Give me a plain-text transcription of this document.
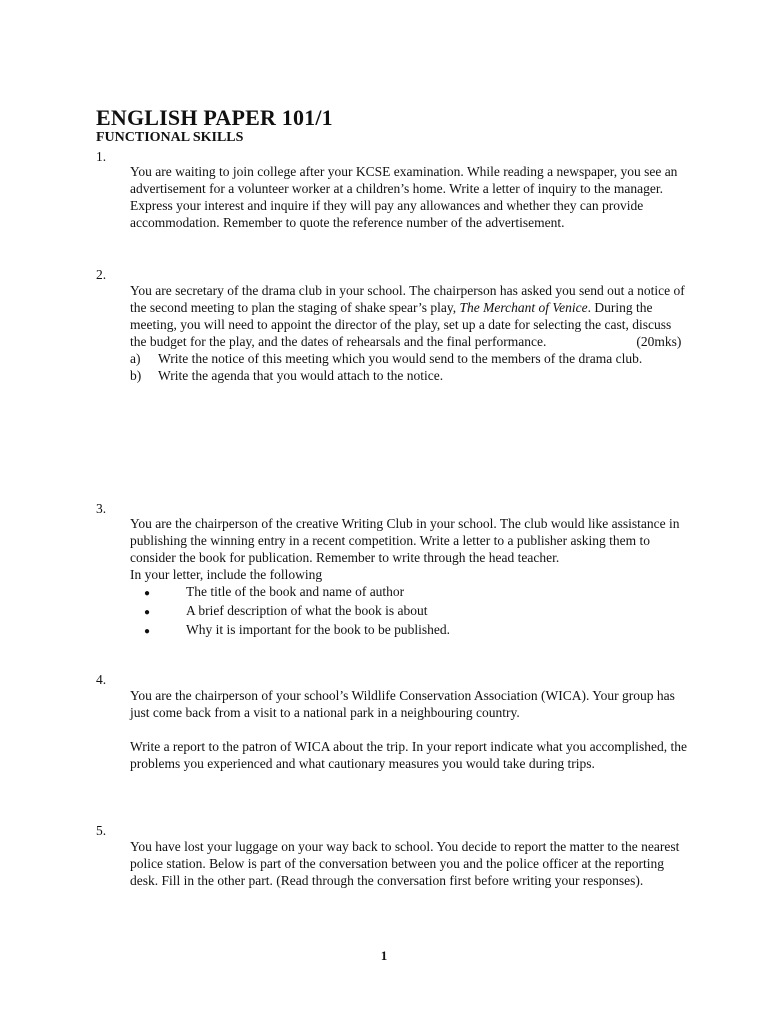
ENGLISH PAPER 101/1
FUNCTIONAL SKILLS
1.

You are waiting to join college after your KCSE examination. While reading a newspaper, you see an advertisement for a volunteer worker at a children’s home. Write a letter of inquiry to the manager. Express your interest and inquire if they will pay any allowances and whether they can provide accommodation. Remember to quote the reference number of the advertisement.

2.

You are secretary of the drama club in your school. The chairperson has asked you send out a notice of the second meeting to plan the staging of shake spear’s play, The Merchant of Venice. During the meeting, you will need to appoint the director of the play, set up a date for selecting the cast, discuss the budget for the play, and the dates of rehearsals and the final performance.	(20mks)

a)	Write the notice of this meeting which you would send to the members of the drama club.
b)	Write the agenda that you would attach to the notice.
3.

You are the chairperson of the creative Writing Club in your school. The club would like assistance in publishing the winning entry in a recent competition. Write a letter to a publisher asking them to consider the book for publication. Remember to write through the head teacher.

In your letter, include the following

●	The title of the book and name of author
●	A brief description of what the book is about
●	Why it is important for the book to be published.
4.

You are the chairperson of your school’s Wildlife Conservation Association (WICA). Your group has just come back from a visit to a national park in a neighbouring country.

Write a report to the patron of WICA about the trip. In your report indicate what you accomplished, the problems you experienced and what cautionary measures you would take during trips.

5.

You have lost your luggage on your way back to school. You decide to report the matter to the nearest police station. Below is part of the conversation between you and the police officer at the reporting desk. Fill in the other part. (Read through the conversation first before writing your responses).

1
